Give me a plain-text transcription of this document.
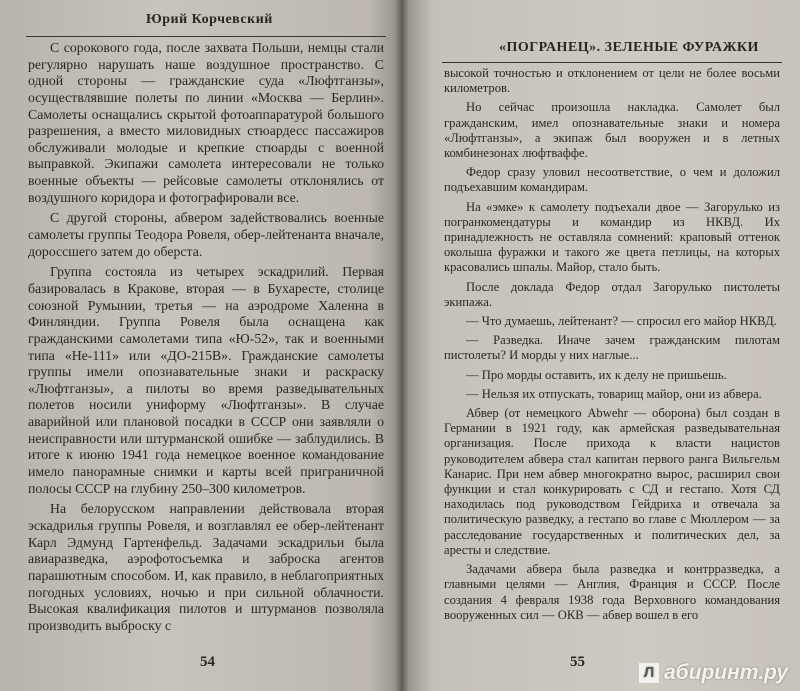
Юрий Корчевский

С сорокового года, после захвата Польши, немцы стали регулярно нарушать наше воздушное пространство. С одной стороны — гражданские суда «Люфтганзы», осуществлявшие полеты по линии «Москва — Берлин». Самолеты оснащались скрытой фотоаппаратурой большого разрешения, а вместо миловидных стюардесс пассажиров обслуживали молодые и крепкие стюарды с военной выправкой. Экипажи самолета интересовали не только военные объекты — рейсовые самолеты отклонялись от воздушного коридора и фотографировали все.

С другой стороны, абвером задействовались военные самолеты группы Теодора Ровеля, обер-лейтенанта вначале, дороссшего затем до оберста.

Группа состояла из четырех эскадрилий. Первая базировалась в Кракове, вторая — в Бухаресте, столице союзной Румынии, третья — на аэродроме Халенна в Финляндии. Группа Ровеля была оснащена как гражданскими самолетами типа «Ю-52», так и военными типа «Не-111» или «ДО-215В». Гражданские самолеты группы имели опознавательные знаки и раскраску «Люфтганзы», а пилоты во время разведывательных полетов носили униформу «Люфтганзы». В случае аварийной или плановой посадки в СССР они заявляли о неисправности или штурманской ошибке — заблудились. В итоге к июню 1941 года немецкое военное командование имело панорамные снимки и карты всей приграничной полосы СССР на глубину 250–300 километров.

На белорусском направлении действовала вторая эскадрилья группы Ровеля, и возглавлял ее обер-лейтенант Карл Эдмунд Гартенфельд. Задачами эскадрильи была авиаразведка, аэрофотосъемка и заброска агентов парашютным способом. И, как правило, в неблагоприятных погодных условиях, ночью и при сильной облачности. Высокая квалификация пилотов и штурманов позволяла производить выброску с

54
«ПОГРАНЕЦ». ЗЕЛЕНЫЕ ФУРАЖКИ

высокой точностью и отклонением от цели не более восьми километров.

Но сейчас произошла накладка. Самолет был гражданским, имел опознавательные знаки и номера «Люфтганзы», а экипаж был вооружен и в летных комбинезонах люфтваффе.

Федор сразу уловил несоответствие, о чем и доложил подъехавшим командирам.

На «эмке» к самолету подъехали двое — Загорулько из погранкомендатуры и командир из НКВД. Их принадлежность не оставляла сомнений: крапoвый оттенок околыша фуражки и такого же цвета петлицы, на которых красовались шпалы. Майор, стало быть.

После доклада Федор отдал Загорулько пистолеты экипажа.

— Что думаешь, лейтенант? — спросил его майор НКВД.

— Разведка. Иначе зачем гражданским пилотам пистолеты? И морды у них наглые...

— Про морды оставить, их к делу не пришьешь.

— Нельзя их отпускать, товарищ майор, они из абвера.

Абвер (от немецкого Abwehr — оборона) был создан в Германии в 1921 году, как армейская разведывательная организация. После прихода к власти нацистов руководителем абвера стал капитан первого ранга Вильгельм Канарис. При нем абвер многократно вырос, расширил свои функции и стал конкурировать с СД и гестапо. Хотя СД находилась под руководством Гейдриха и отвечала за политическую разведку, а гестапо во главе с Мюллером — за расследование государственных и политических дел, за аресты и следствие.

Задачами абвера была разведка и контрразведка, а главными целями — Англия, Франция и СССР. После создания 4 февраля 1938 года Верховного командования вооруженных сил — ОКВ — абвер вошел в его

55
Л абиринт.ру
